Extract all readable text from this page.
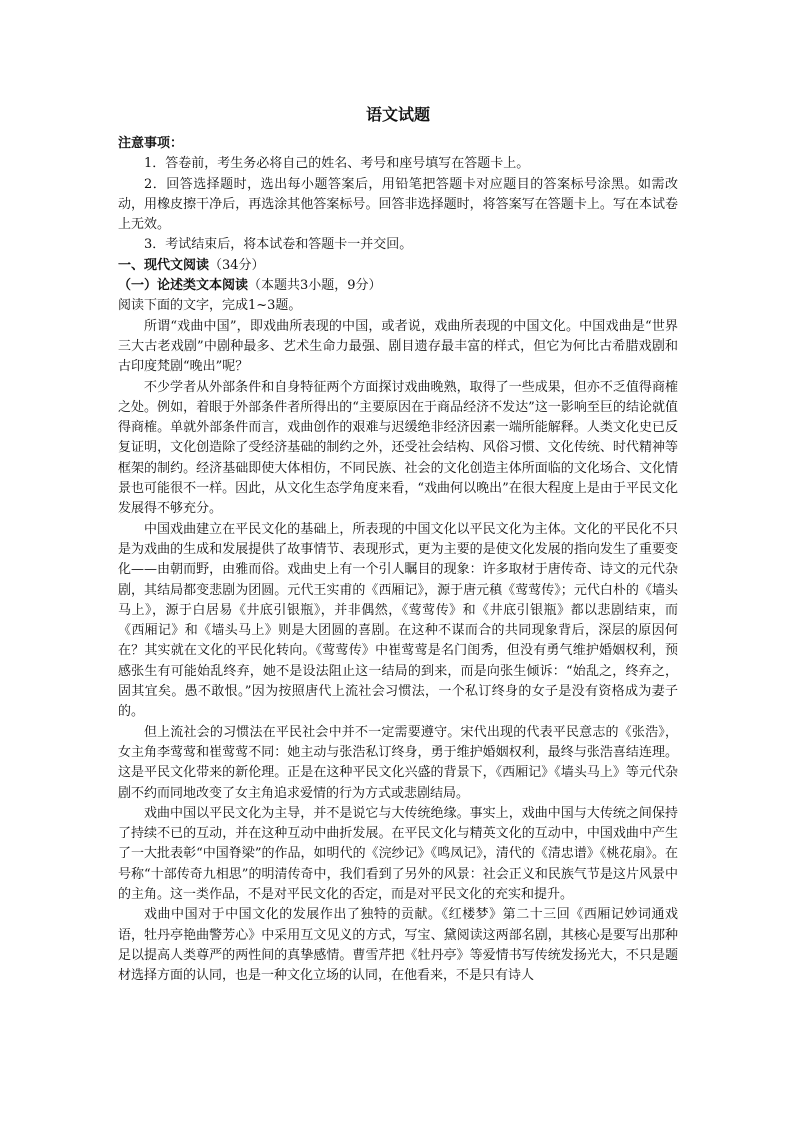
语文试题

注意事项：

1．答卷前，考生务必将自己的姓名、考号和座号填写在答题卡上。

2．回答选择题时，选出每小题答案后，用铅笔把答题卡对应题目的答案标号涂黑。如需改动，用橡皮擦干净后，再选涂其他答案标号。回答非选择题时，将答案写在答题卡上。写在本试卷上无效。

3．考试结束后，将本试卷和答题卡一并交回。

一、现代文阅读（34分）

（一）论述类文本阅读（本题共3小题，9分）

阅读下面的文字，完成1~3题。

所谓“戏曲中国”，即戏曲所表现的中国，或者说，戏曲所表现的中国文化。中国戏曲是“世界三大古老戏剧”中剧种最多、艺术生命力最强、剧目遗存最丰富的样式，但它为何比古希腊戏剧和古印度梵剧“晚出”呢？

不少学者从外部条件和自身特征两个方面探讨戏曲晚熟，取得了一些成果，但亦不乏值得商榷之处。例如，着眼于外部条件者所得出的“主要原因在于商品经济不发达”这一影响至巨的结论就值得商榷。单就外部条件而言，戏曲创作的艰难与迟缓绝非经济因素一端所能解释。人类文化史已反复证明，文化创造除了受经济基础的制约之外，还受社会结构、风俗习惯、文化传统、时代精神等框架的制约。经济基础即使大体相仿，不同民族、社会的文化创造主体所面临的文化场合、文化情景也可能很不一样。因此，从文化生态学角度来看，“戏曲何以晚出”在很大程度上是由于平民文化发展得不够充分。

中国戏曲建立在平民文化的基础上，所表现的中国文化以平民文化为主体。文化的平民化不只是为戏曲的生成和发展提供了故事情节、表现形式，更为主要的是使文化发展的指向发生了重要变化——由朝而野，由雅而俗。戏曲史上有一个引人瞩目的现象：许多取材于唐传奇、诗文的元代杂剧，其结局都变悲剧为团圆。元代王实甫的《西厢记》，源于唐元稹《莺莺传》；元代白朴的《墙头马上》，源于白居易《井底引银瓶》，并非偶然，《莺莺传》和《井底引银瓶》都以悲剧结束，而《西厢记》和《墙头马上》则是大团圆的喜剧。在这种不谋而合的共同现象背后，深层的原因何在？其实就在文化的平民化转向。《莺莺传》中崔莺莺是名门闺秀，但没有勇气维护婚姻权利，预感张生有可能始乱终弃，她不是设法阻止这一结局的到来，而是向张生倾诉：“始乱之，终弃之，固其宜矣。愚不敢恨。”因为按照唐代上流社会习惯法，一个私订终身的女子是没有资格成为妻子的。

但上流社会的习惯法在平民社会中并不一定需要遵守。宋代出现的代表平民意志的《张浩》，女主角李莺莺和崔莺莺不同：她主动与张浩私订终身，勇于维护婚姻权利，最终与张浩喜结连理。这是平民文化带来的新伦理。正是在这种平民文化兴盛的背景下，《西厢记》《墙头马上》等元代杂剧不约而同地改变了女主角追求爱情的行为方式或悲剧结局。

戏曲中国以平民文化为主导，并不是说它与大传统绝缘。事实上，戏曲中国与大传统之间保持了持续不已的互动，并在这种互动中曲折发展。在平民文化与精英文化的互动中，中国戏曲中产生了一大批表彰“中国脊梁”的作品，如明代的《浣纱记》《鸣凤记》，清代的《清忠谱》《桃花扇》。在号称“十部传奇九相思”的明清传奇中，我们看到了另外的风景：社会正义和民族气节是这片风景中的主角。这一类作品，不是对平民文化的否定，而是对平民文化的充实和提升。

戏曲中国对于中国文化的发展作出了独特的贡献。《红楼梦》第二十三回《西厢记妙词通戏语，牡丹亭艳曲警芳心》中采用互文见义的方式，写宝、黛阅读这两部名剧，其核心是要写出那种足以提高人类尊严的两性间的真挚感情。曹雪芹把《牡丹亭》等爱情书写传统发扬光大，不只是题材选择方面的认同，也是一种文化立场的认同，在他看来，不是只有诗人
